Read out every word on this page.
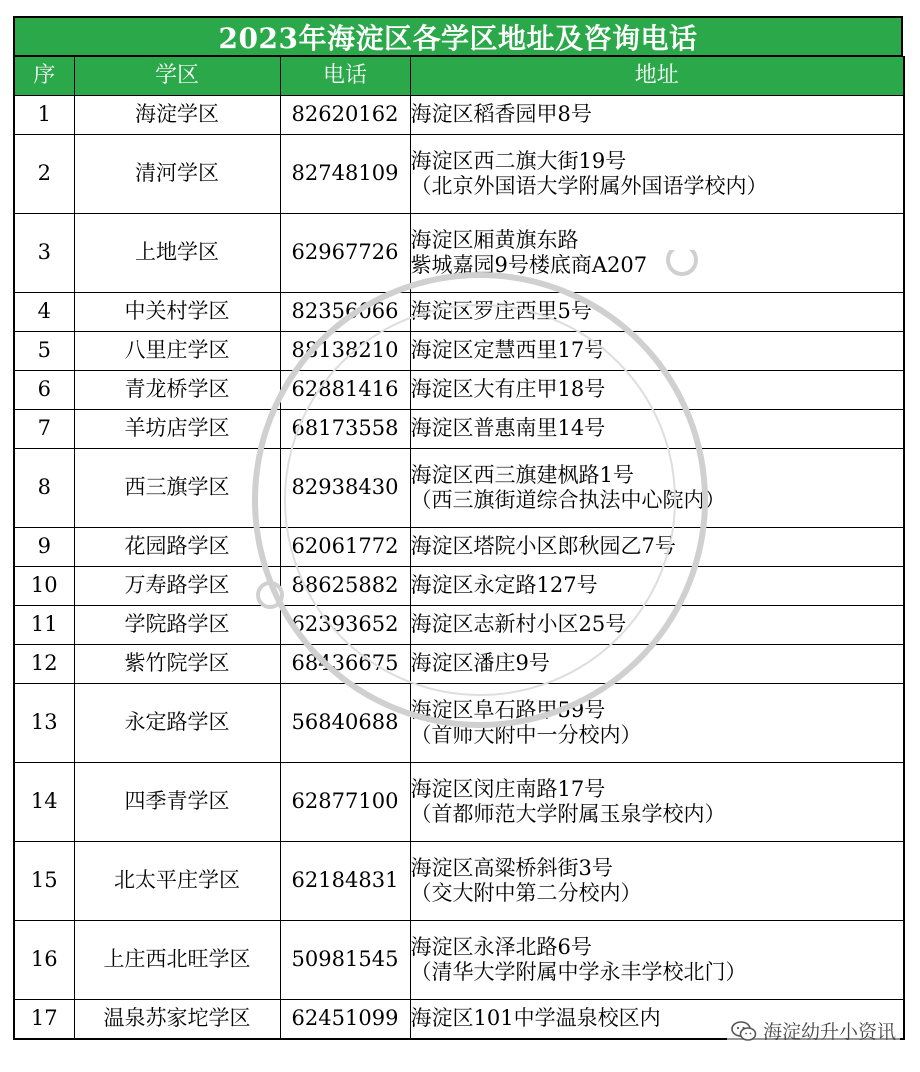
2023年海淀区各学区地址及咨询电话
序	学区	电话	地址
1	海淀学区	82620162	海淀区稻香园甲8号

2	清河学区	82748109	海淀区西二旗大街19号
（北京外国语大学附属外国语学校内）

3	上地学区	62967726	海淀区厢黄旗东路
紫城嘉园9号楼底商A207

4	中关村学区	82356066	海淀区罗庄西里5号

5	八里庄学区	88138210	海淀区定慧西里17号

6	青龙桥学区	62881416	海淀区大有庄甲18号

7	羊坊店学区	68173558	海淀区普惠南里14号

8	西三旗学区	82938430	海淀区西三旗建枫路1号
（西三旗街道综合执法中心院内）

9	花园路学区	62061772	海淀区塔院小区郎秋园乙7号

10	万寿路学区	88625882	海淀区永定路127号

11	学院路学区	62393652	海淀区志新村小区25号

12	紫竹院学区	68436675	海淀区潘庄9号

13	永定路学区	56840688	海淀区阜石路甲59号
（首师大附中一分校内）

14	四季青学区	62877100	海淀区闵庄南路17号
（首都师范大学附属玉泉学校内）

15	北太平庄学区	62184831	海淀区高粱桥斜街3号
（交大附中第二分校内）

16	上庄西北旺学区	50981545	海淀区永泽北路6号
（清华大学附属中学永丰学校北门）

17	温泉苏家坨学区	62451099	海淀区101中学温泉校区内
海淀幼升小资讯
